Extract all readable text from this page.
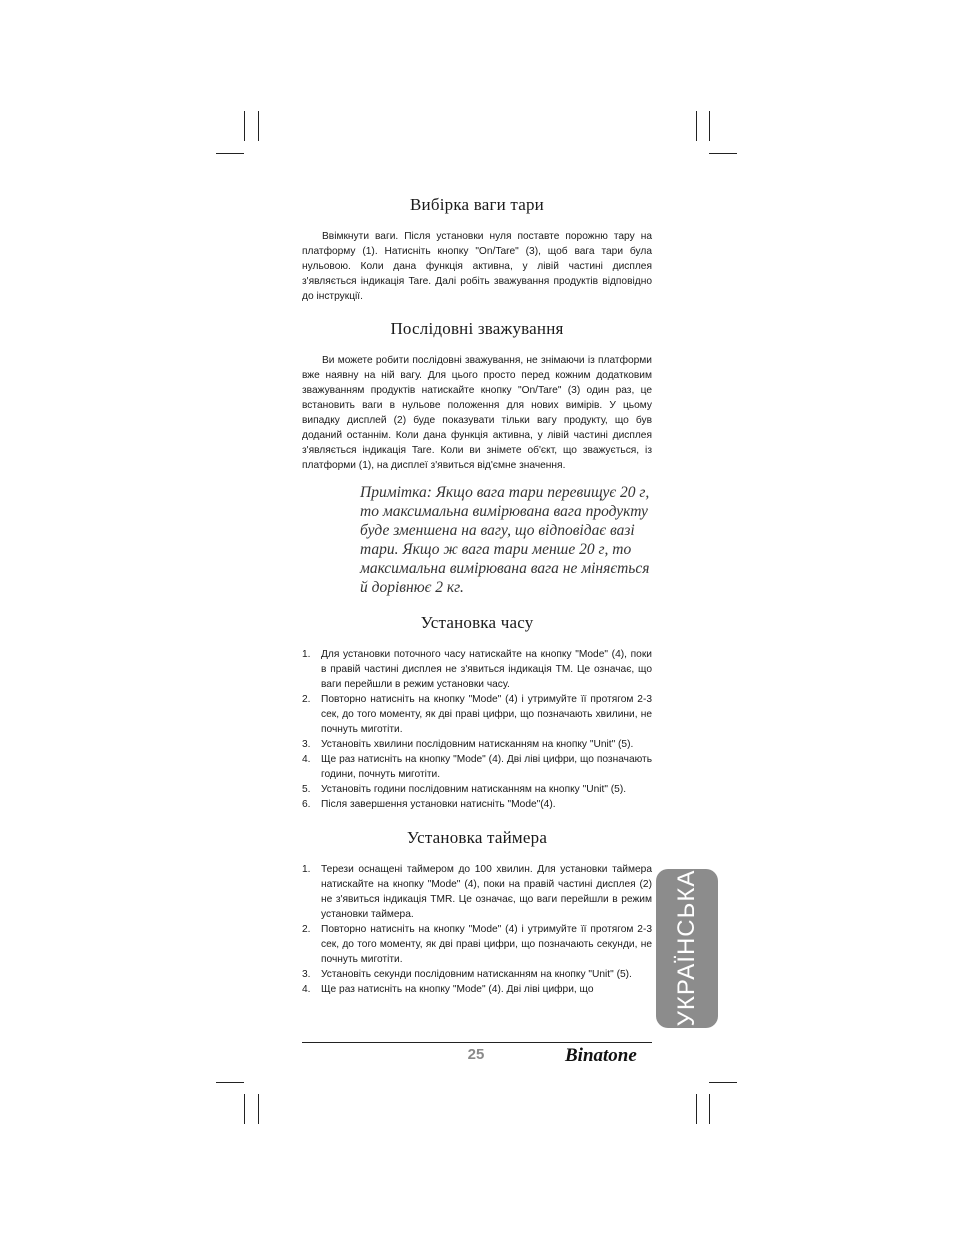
Вибірка ваги тари

Ввімкнути ваги. Після установки нуля поставте порожню тару на платформу (1). Натисніть кнопку "On/Tare" (3), щоб вага тари була нульовою. Коли дана функція активна, у лівій частині дисплея з'являється індикація Tare. Далі робіть зважування продуктів відповідно до інструкції.

Послідовні зважування

Ви можете робити послідовні зважування, не знімаючи із платформи вже наявну на ній вагу. Для цього просто перед кожним додатковим зважуванням продуктів натискайте кнопку "On/Tare" (3) один раз, це встановить ваги в нульове положення для нових вимірів. У цьому випадку дисплей (2) буде показувати тільки вагу продукту, що був доданий останнім. Коли дана функція активна, у лівій частині дисплея з'являється індикація Tare. Коли ви знімете об'єкт, що зважується, із платформи (1), на дисплеї з'явиться від'ємне значення.

Примітка: Якщо вага тари перевищує 20 г, то максимальна вимірювана вага продукту буде зменшена на вагу, що відповідає вазі тари. Якщо ж вага тари менше 20 г, то максимальна вимірювана вага не міняється й дорівнює 2 кг.
Установка часу
1. Для установки поточного часу натискайте на кнопку "Mode" (4), поки в правій частині дисплея не з'явиться індикація TM. Це означає, що ваги перейшли в режим установки часу.
2. Повторно натисніть на кнопку "Mode" (4) і утримуйте її протягом 2-3 сек, до того моменту, як дві праві цифри, що позначають хвилини, не почнуть миготіти.
3. Установіть хвилини послідовним натисканням на кнопку "Unit" (5).
4. Ще раз натисніть на кнопку "Mode" (4). Дві ліві цифри, що позначають години, почнуть миготіти.
5. Установіть години послідовним натисканням на кнопку "Unit" (5).
6. Після завершення установки натисніть "Mode"(4).
Установка таймера
1. Терези оснащені таймером до 100 хвилин. Для установки таймера натискайте на кнопку "Mode" (4), поки на правій частині дисплея (2) не з'явиться індикація TMR. Це означає, що ваги перейшли в режим установки таймера.
2. Повторно натисніть на кнопку "Mode" (4) і утримуйте її протягом 2-3 сек, до того моменту, як дві праві цифри, що позначають секунди, не почнуть миготіти.
3. Установіть секунди послідовним натисканням на кнопку "Unit" (5).
4. Ще раз натисніть на кнопку "Mode" (4). Дві ліві цифри, що	УКРАЇНСЬКА
25	Binatone
